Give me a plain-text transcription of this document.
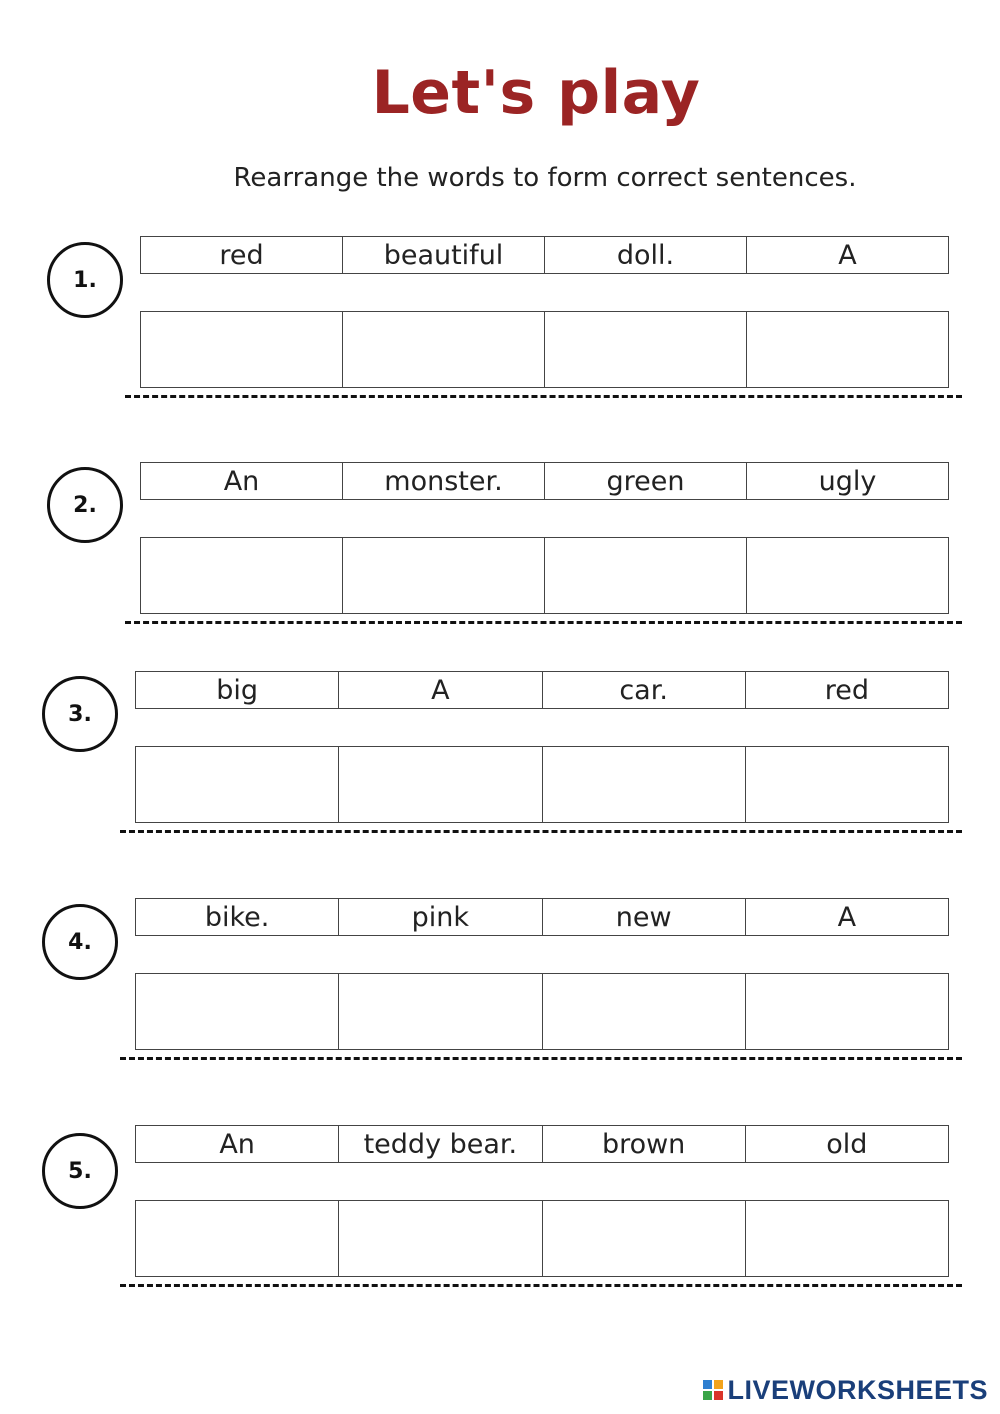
Let's play
Rearrange the words to form correct sentences.
1.
red	beautiful	doll.	A
2.
An	monster.	green	ugly
3.
big	A	car.	red
4.
bike.	pink	new	A
5.
An	teddy bear.	brown	old
LIVEWORKSHEETS
